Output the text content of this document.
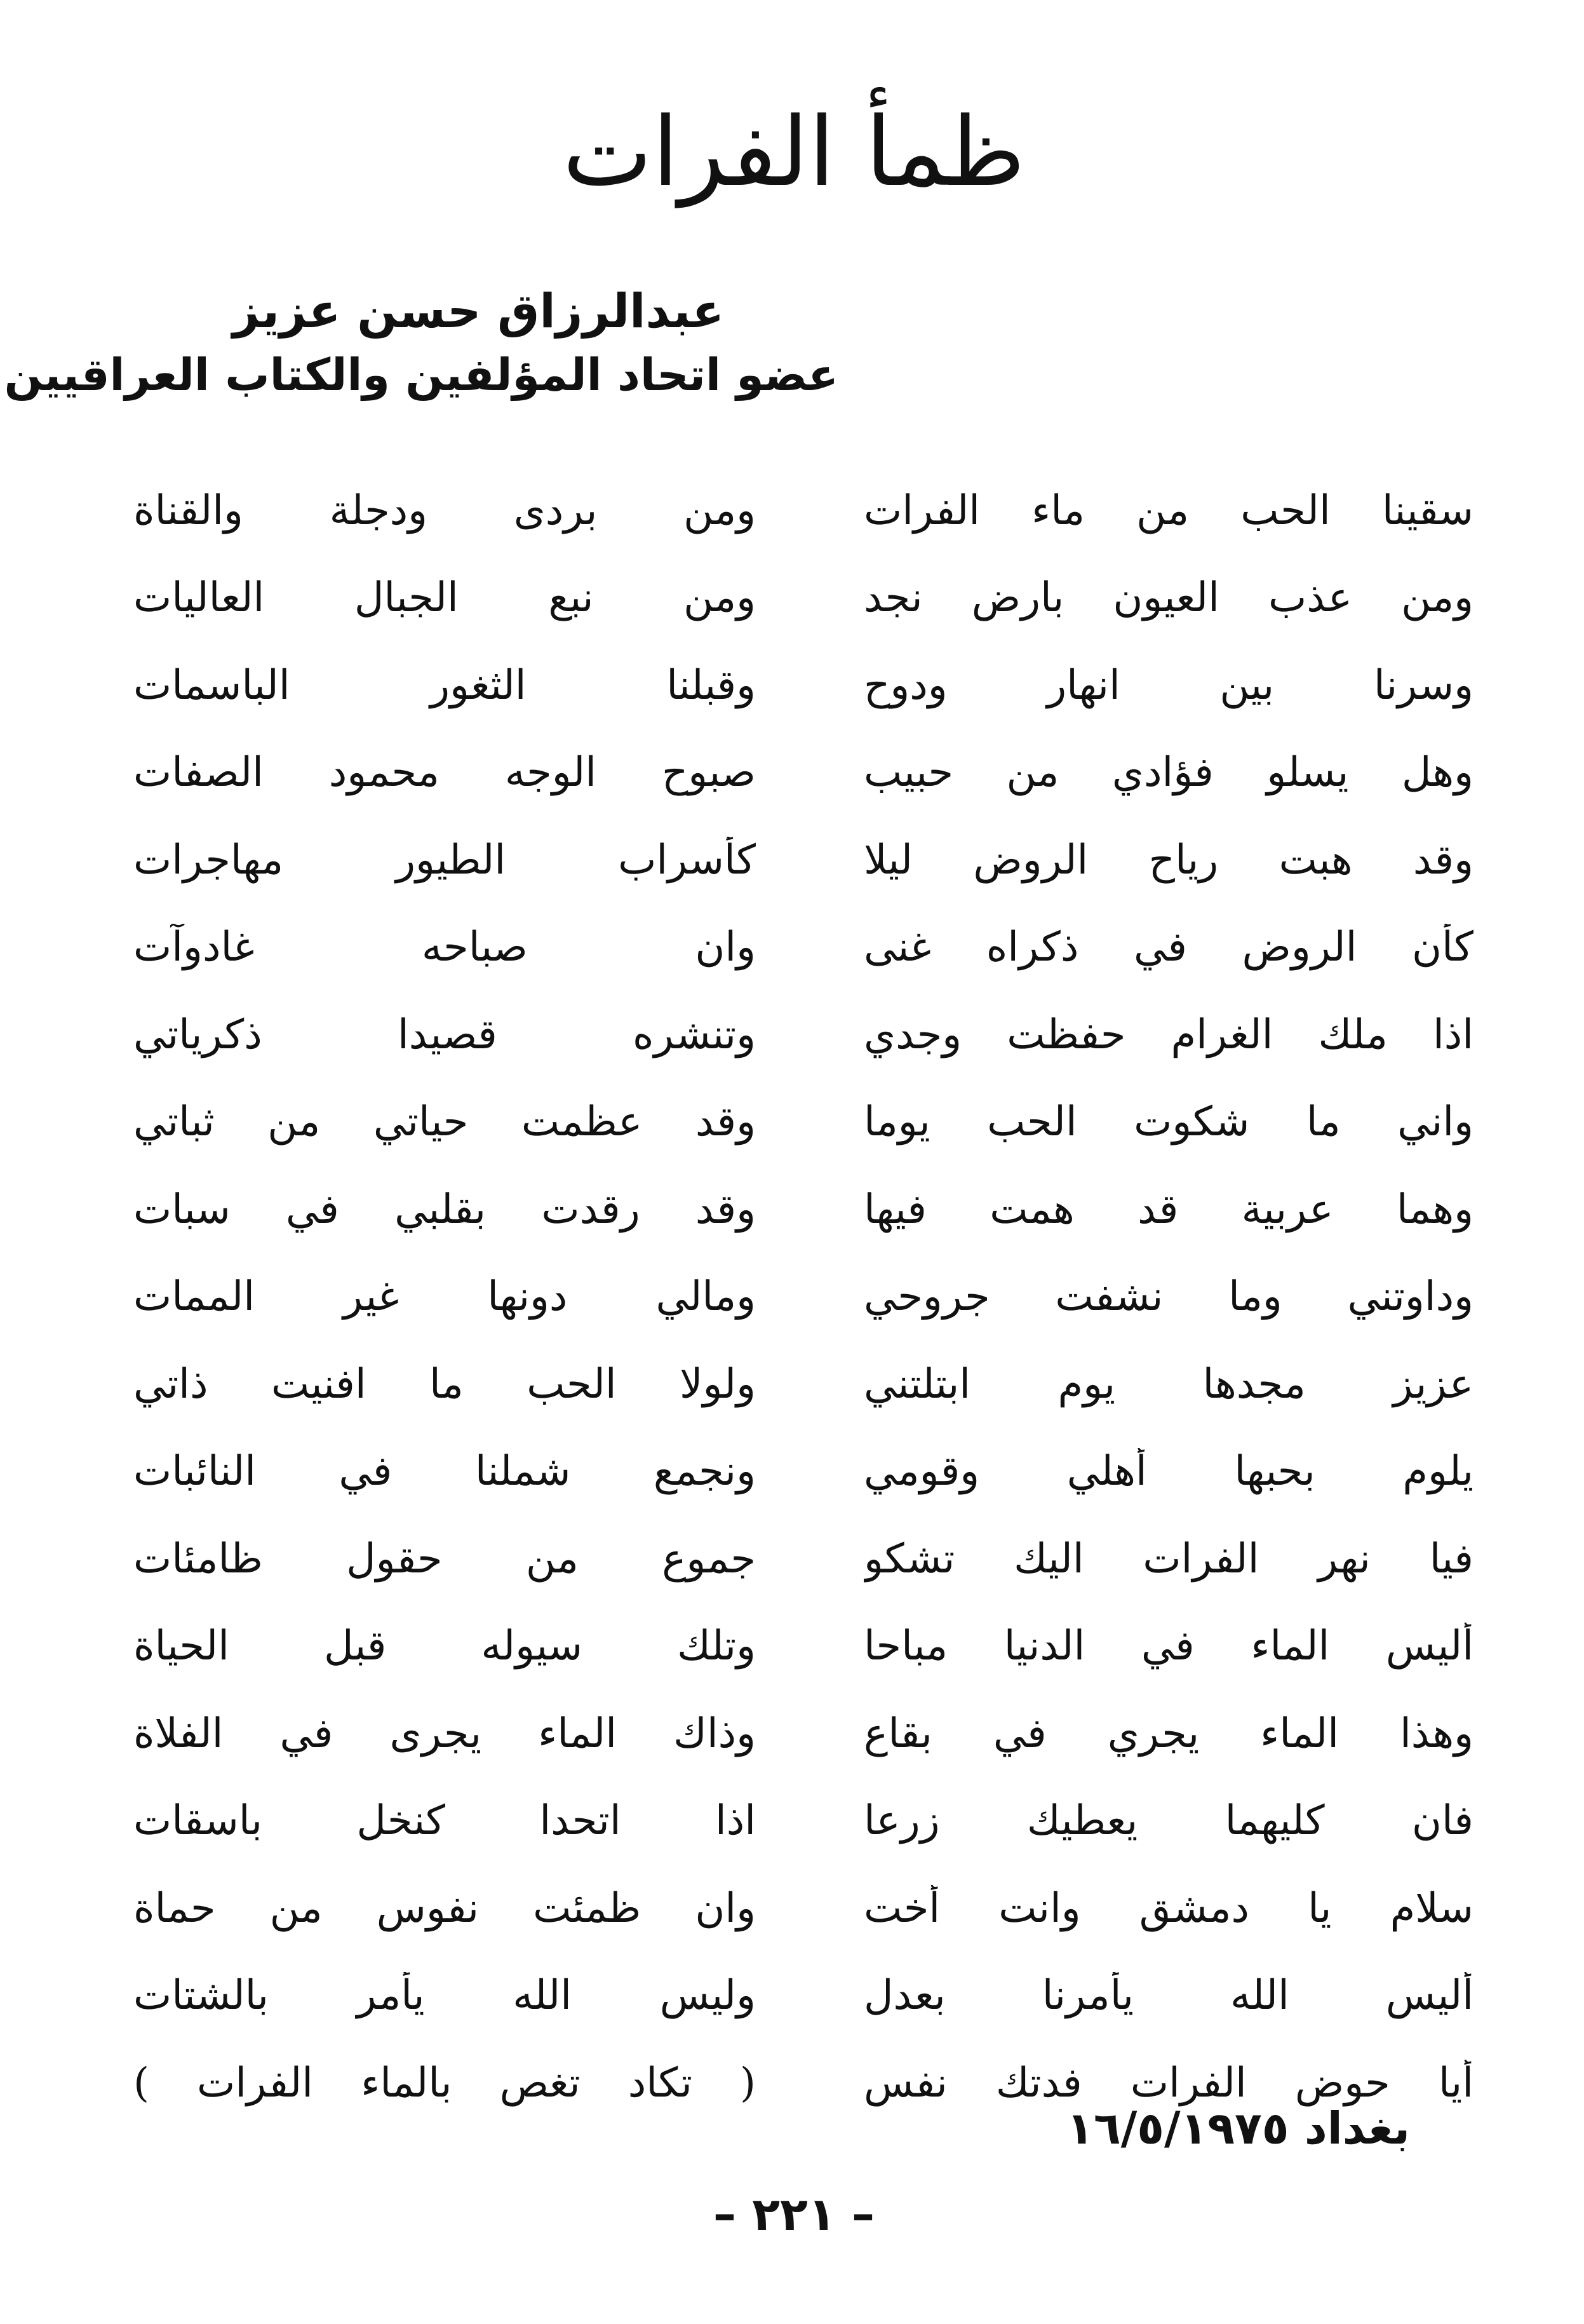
ظمأ الفرات
عبدالرزاق حسن عزيز
عضو اتحاد المؤلفين والكتاب العراقيين
سقينا الحب من ماء الفرات
ومن بردى ودجلة والقناة
ومن عذب العيون بارض نجد
ومن نبع الجبال العاليات
وسرنا بين انهار ودوح
وقبلنا الثغور الباسمات
وهل يسلو فؤادي من حبيب
صبوح الوجه محمود الصفات
وقد هبت رياح الروض ليلا
كأسراب الطيور مهاجرات
كأن الروض في ذكراه غنى
وان صباحه غادوآت
اذا ملك الغرام حفظت وجدي
وتنشره قصيدا ذكرياتي
واني ما شكوت الحب يوما
وقد عظمت حياتي من ثباتي
وهما عربية قد همت فيها
وقد رقدت بقلبي في سبات
وداوتني وما نشفت جروحي
ومالي دونها غير الممات
عزيز مجدها يوم ابتلتني
ولولا الحب ما افنيت ذاتي
يلوم بحبها أهلي وقومي
ونجمع شملنا في النائبات
فيا نهر الفرات اليك تشكو
جموع من حقول ظامئات
أليس الماء في الدنيا مباحا
وتلك سيوله قبل الحياة
وهذا الماء يجري في بقاع
وذاك الماء يجرى في الفلاة
فان كليهما يعطيك زرعا
اذا اتحدا كنخل باسقات
سلام يا دمشق وانت أخت
وان ظمئت نفوس من حماة
أليس الله يأمرنا بعدل
وليس الله يأمر بالشتات
أيا حوض الفرات فدتك نفس
( تكاد تغص بالماء الفرات )
بغداد ١٦/٥/١٩٧٥
– ٢٢١ –
